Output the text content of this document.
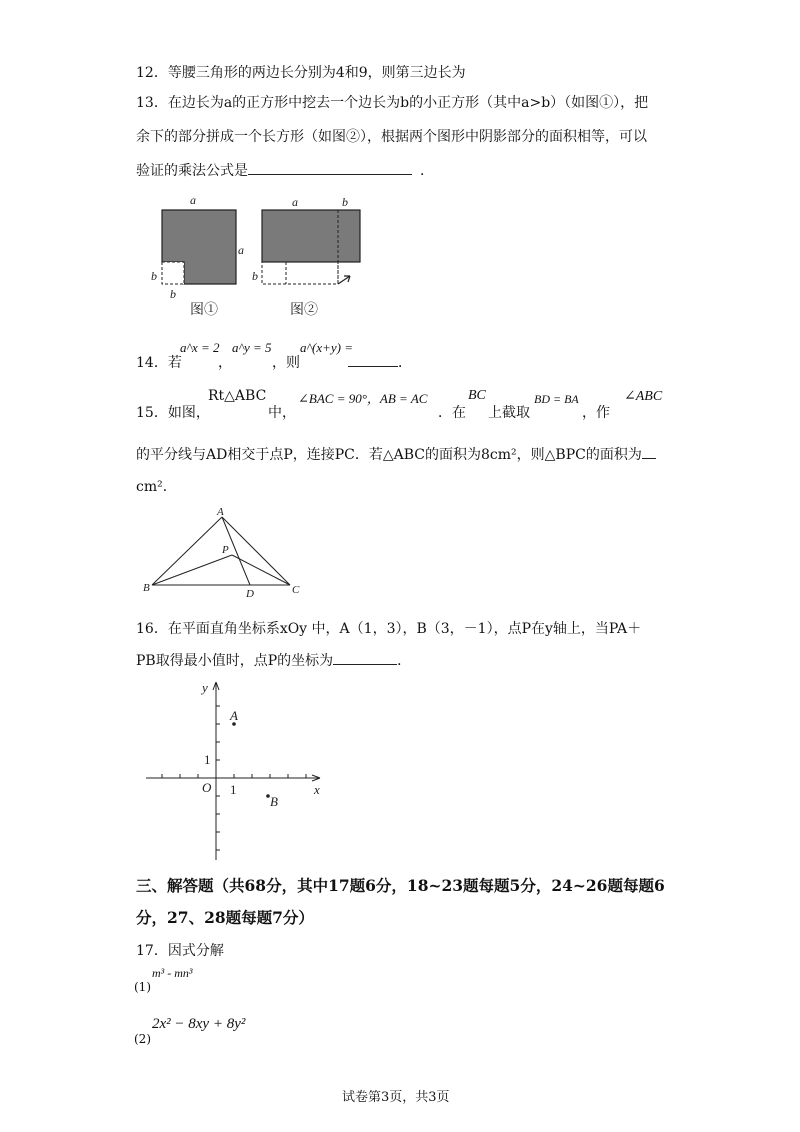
12．等腰三角形的两边长分别为4和9，则第三边长为
13．在边长为a的正方形中挖去一个边长为b的小正方形（其中a>b）（如图①），把
余下的部分拼成一个长方形（如图②），根据两个图形中阴影部分的面积相等，可以
验证的乘法公式是	．
a
a
b
b
图①
a	b
b
图②
14．若
a^x = 2
，
a^y = 5
，则
a^(x+y) =
．
15．如图，
Rt△ABC
中，
∠BAC = 90°，AB = AC
．在
BC
上截取
BD = BA
，作
∠ABC
的平分线与AD相交于点P，连接PC．若△ABC的面积为8cm²，则△BPC的面积为
cm²．
A
B	C
D
P
16．在平面直角坐标系xOy 中，A（1，3），B（3，－1），点P在y轴上，当PA＋
PB取得最小值时，点P的坐标为	．
y
x
O 1
1
A
B
三、解答题（共68分，其中17题6分，18~23题每题5分，24~26题每题6
分，27、28题每题7分）
17．因式分解
(1)
m³ - mn³
(2)
2x² − 8xy + 8y²
试卷第3页，共3页
